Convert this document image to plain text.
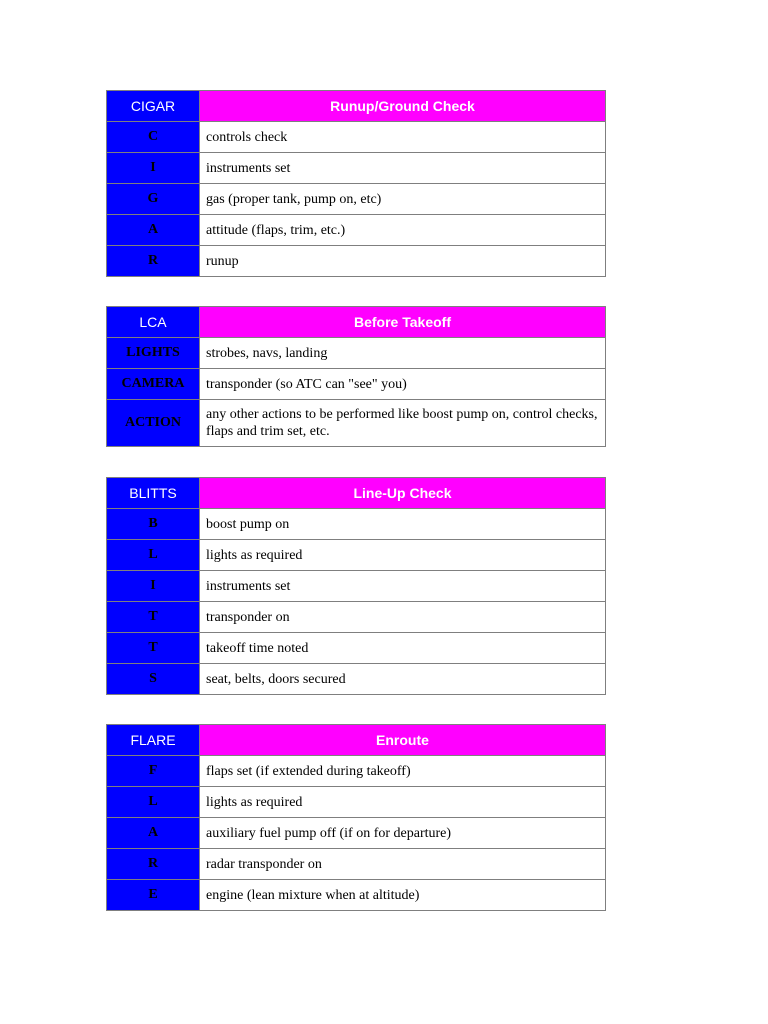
CIGAR	Runup/Ground Check
C	controls check
I	instruments set
G	gas (proper tank, pump on, etc)
A	attitude (flaps, trim, etc.)
R	runup
LCA	Before Takeoff
LIGHTS	strobes, navs, landing
CAMERA	transponder (so ATC can "see" you)
ACTION	any other actions to be performed like boost pump on, control checks, flaps and trim set, etc.
BLITTS	Line-Up Check
B	boost pump on
L	lights as required
I	instruments set
T	transponder on
T	takeoff time noted
S	seat, belts, doors secured
FLARE	Enroute
F	flaps set (if extended during takeoff)
L	lights as required
A	auxiliary fuel pump off (if on for departure)
R	radar transponder on
E	engine (lean mixture when at altitude)
